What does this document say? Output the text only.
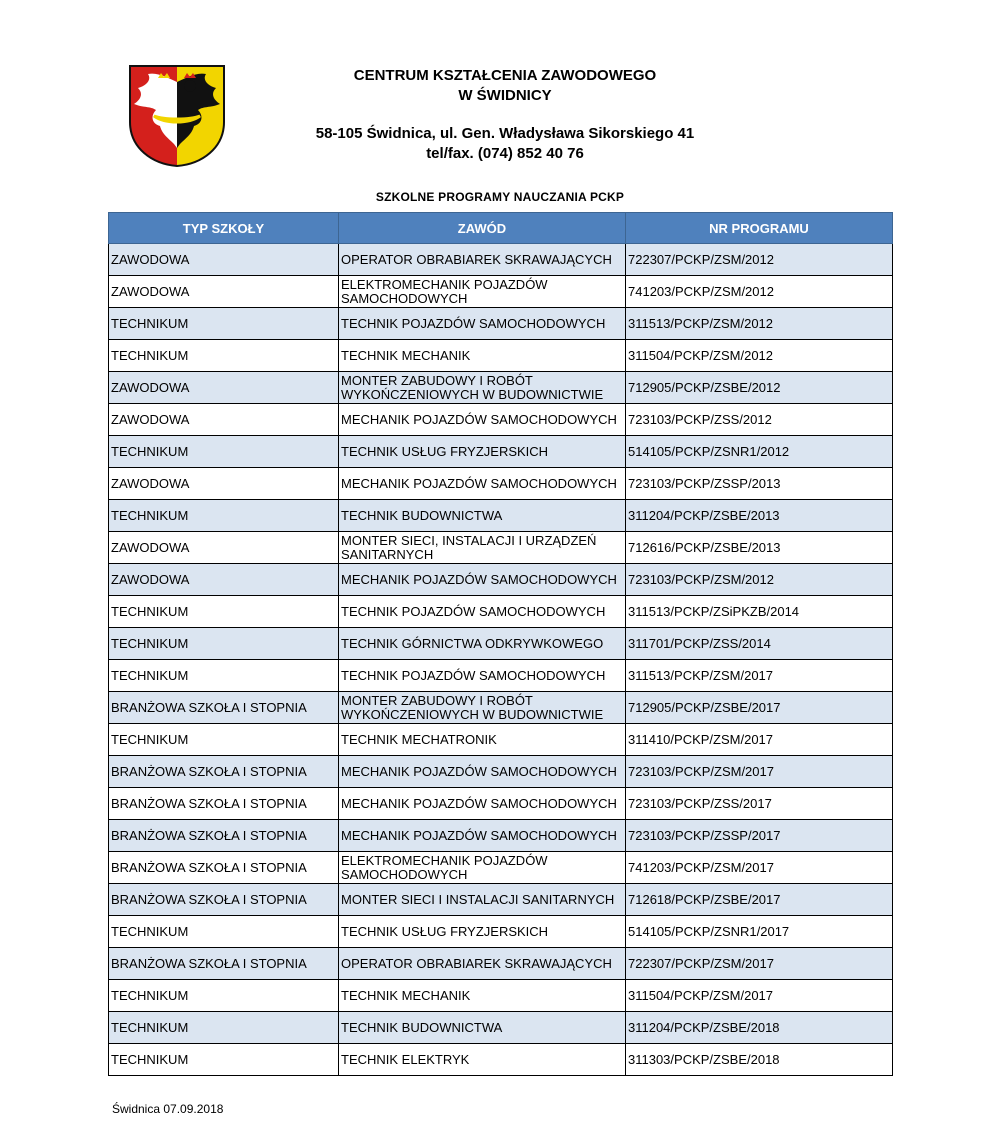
CENTRUM KSZTAŁCENIA ZAWODOWEGO
W ŚWIDNICY
58-105 Świdnica, ul. Gen. Władysława Sikorskiego 41
tel/fax. (074) 852 40 76
SZKOLNE PROGRAMY NAUCZANIA PCKP
TYP SZKOŁY	ZAWÓD	NR PROGRAMU
ZAWODOWA	OPERATOR OBRABIAREK SKRAWAJĄCYCH	722307/PCKP/ZSM/2012
ZAWODOWA	ELEKTROMECHANIK POJAZDÓW SAMOCHODOWYCH	741203/PCKP/ZSM/2012
TECHNIKUM	TECHNIK POJAZDÓW SAMOCHODOWYCH	311513/PCKP/ZSM/2012
TECHNIKUM	TECHNIK MECHANIK	311504/PCKP/ZSM/2012
ZAWODOWA	MONTER ZABUDOWY I ROBÓT WYKOŃCZENIOWYCH W BUDOWNICTWIE	712905/PCKP/ZSBE/2012
ZAWODOWA	MECHANIK POJAZDÓW SAMOCHODOWYCH	723103/PCKP/ZSS/2012
TECHNIKUM	TECHNIK USŁUG FRYZJERSKICH	514105/PCKP/ZSNR1/2012
ZAWODOWA	MECHANIK POJAZDÓW SAMOCHODOWYCH	723103/PCKP/ZSSP/2013
TECHNIKUM	TECHNIK BUDOWNICTWA	311204/PCKP/ZSBE/2013
ZAWODOWA	MONTER SIECI, INSTALACJI I URZĄDZEŃ SANITARNYCH	712616/PCKP/ZSBE/2013
ZAWODOWA	MECHANIK POJAZDÓW SAMOCHODOWYCH	723103/PCKP/ZSM/2012
TECHNIKUM	TECHNIK POJAZDÓW SAMOCHODOWYCH	311513/PCKP/ZSiPKZB/2014
TECHNIKUM	TECHNIK GÓRNICTWA ODKRYWKOWEGO	311701/PCKP/ZSS/2014
TECHNIKUM	TECHNIK POJAZDÓW SAMOCHODOWYCH	311513/PCKP/ZSM/2017
BRANŻOWA SZKOŁA I STOPNIA	MONTER ZABUDOWY I ROBÓT WYKOŃCZENIOWYCH W BUDOWNICTWIE	712905/PCKP/ZSBE/2017
TECHNIKUM	TECHNIK MECHATRONIK	311410/PCKP/ZSM/2017
BRANŻOWA SZKOŁA I STOPNIA	MECHANIK POJAZDÓW SAMOCHODOWYCH	723103/PCKP/ZSM/2017
BRANŻOWA SZKOŁA I STOPNIA	MECHANIK POJAZDÓW SAMOCHODOWYCH	723103/PCKP/ZSS/2017
BRANŻOWA SZKOŁA I STOPNIA	MECHANIK POJAZDÓW SAMOCHODOWYCH	723103/PCKP/ZSSP/2017
BRANŻOWA SZKOŁA I STOPNIA	ELEKTROMECHANIK POJAZDÓW SAMOCHODOWYCH	741203/PCKP/ZSM/2017
BRANŻOWA SZKOŁA I STOPNIA	MONTER SIECI I INSTALACJI SANITARNYCH	712618/PCKP/ZSBE/2017
TECHNIKUM	TECHNIK USŁUG FRYZJERSKICH	514105/PCKP/ZSNR1/2017
BRANŻOWA SZKOŁA I STOPNIA	OPERATOR OBRABIAREK SKRAWAJĄCYCH	722307/PCKP/ZSM/2017
TECHNIKUM	TECHNIK MECHANIK	311504/PCKP/ZSM/2017
TECHNIKUM	TECHNIK BUDOWNICTWA	311204/PCKP/ZSBE/2018
TECHNIKUM	TECHNIK ELEKTRYK	311303/PCKP/ZSBE/2018
Świdnica 07.09.2018
